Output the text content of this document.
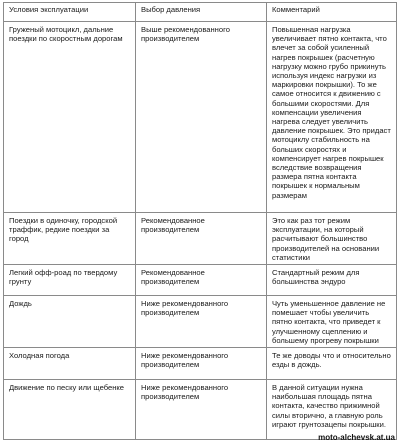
Условия эксплуатации	Выбор давления	Комментарий
Груженый мотоцикл, дальние поездки по скоростным дорогам	Выше рекомендованного производителем	Повышенная нагрузка увеличивает пятно контакта, что влечет за собой усиленный нагрев покрышек (расчетную нагрузку можно грубо прикинуть используя индекс нагрузки из маркировки покрышки). То же самое относится к движению с большими скоростями. Для компенсации увеличения нагрева следует увеличить давление покрышек. Это придаст мотоциклу стабильность на больших скоростях и компенсирует нагрев покрышек вследствие возвращения размера пятна контакта покрышек к нормальным размерам
Поездки в одиночку, городской траффик, редкие поездки за город	Рекомендованное производителем	Это как раз тот режим эксплуатации, на который расчитывают большинство производителей на основании статистики
Легкий офф-роад по твердому грунту	Рекомендованное производителем	Стандартный режим для большинства эндуро
Дождь	Ниже рекомендованного производителем	Чуть уменьшенное давление не помешает чтобы увеличить пятно контакта, что приведет к улучшенному сцеплению и большему прогреву покрышки
Холодная погода	Ниже рекомендованного производителем	Те же доводы что и относительно езды в дождь.
Движение по песку или щебенке	Ниже рекомендованного производителем	В данной ситуации нужна наибольшая площадь пятна контакта, качество прижимной силы вторично, а главную роль играют грунтозацепы покрышки.
moto-alchevsk.at.ua
